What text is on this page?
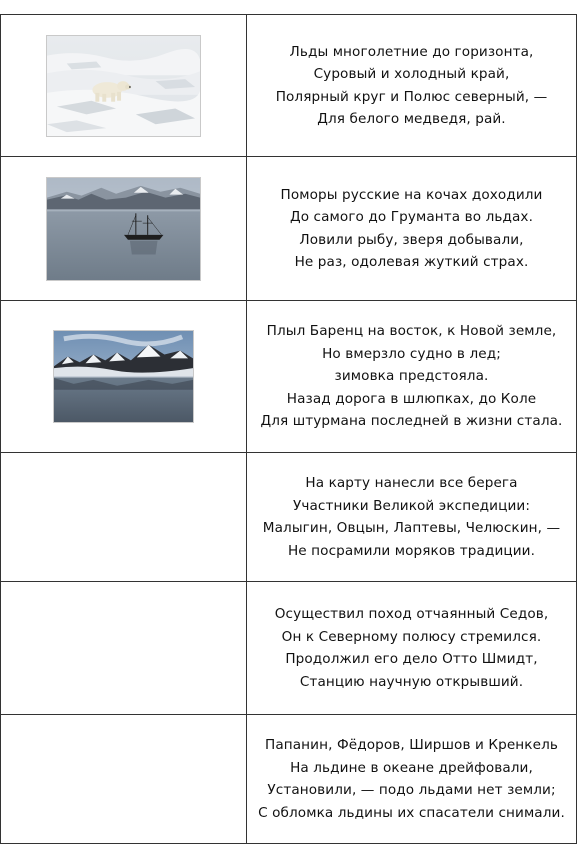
Льды многолетние до горизонта,
Суровый и холодный край,
Полярный круг и Полюс северный, —
Для белого медведя, рай.

Поморы русские на кочах доходили
До самого до Груманта во льдах.
Ловили рыбу, зверя добывали,
Не раз, одолевая жуткий страх.

Плыл Баренц на восток, к Новой земле,
Но вмерзло судно в лед;
зимовка предстояла.
Назад дорога в шлюпках, до Коле
Для штурмана последней в жизни стала.

	На карту нанесли все берега
Участники Великой экспедиции:
Малыгин, Овцын, Лаптевы, Челюскин, —
Не посрамили моряков традиции.

	Осуществил поход отчаянный Седов,
Он к Северному полюсу стремился.
Продолжил его дело Отто Шмидт,
Станцию научную открывший.

	Папанин, Фёдоров, Ширшов и Кренкель
На льдине в океане дрейфовали,
Установили, — подо льдами нет земли;
С обломка льдины их спасатели снимали.
